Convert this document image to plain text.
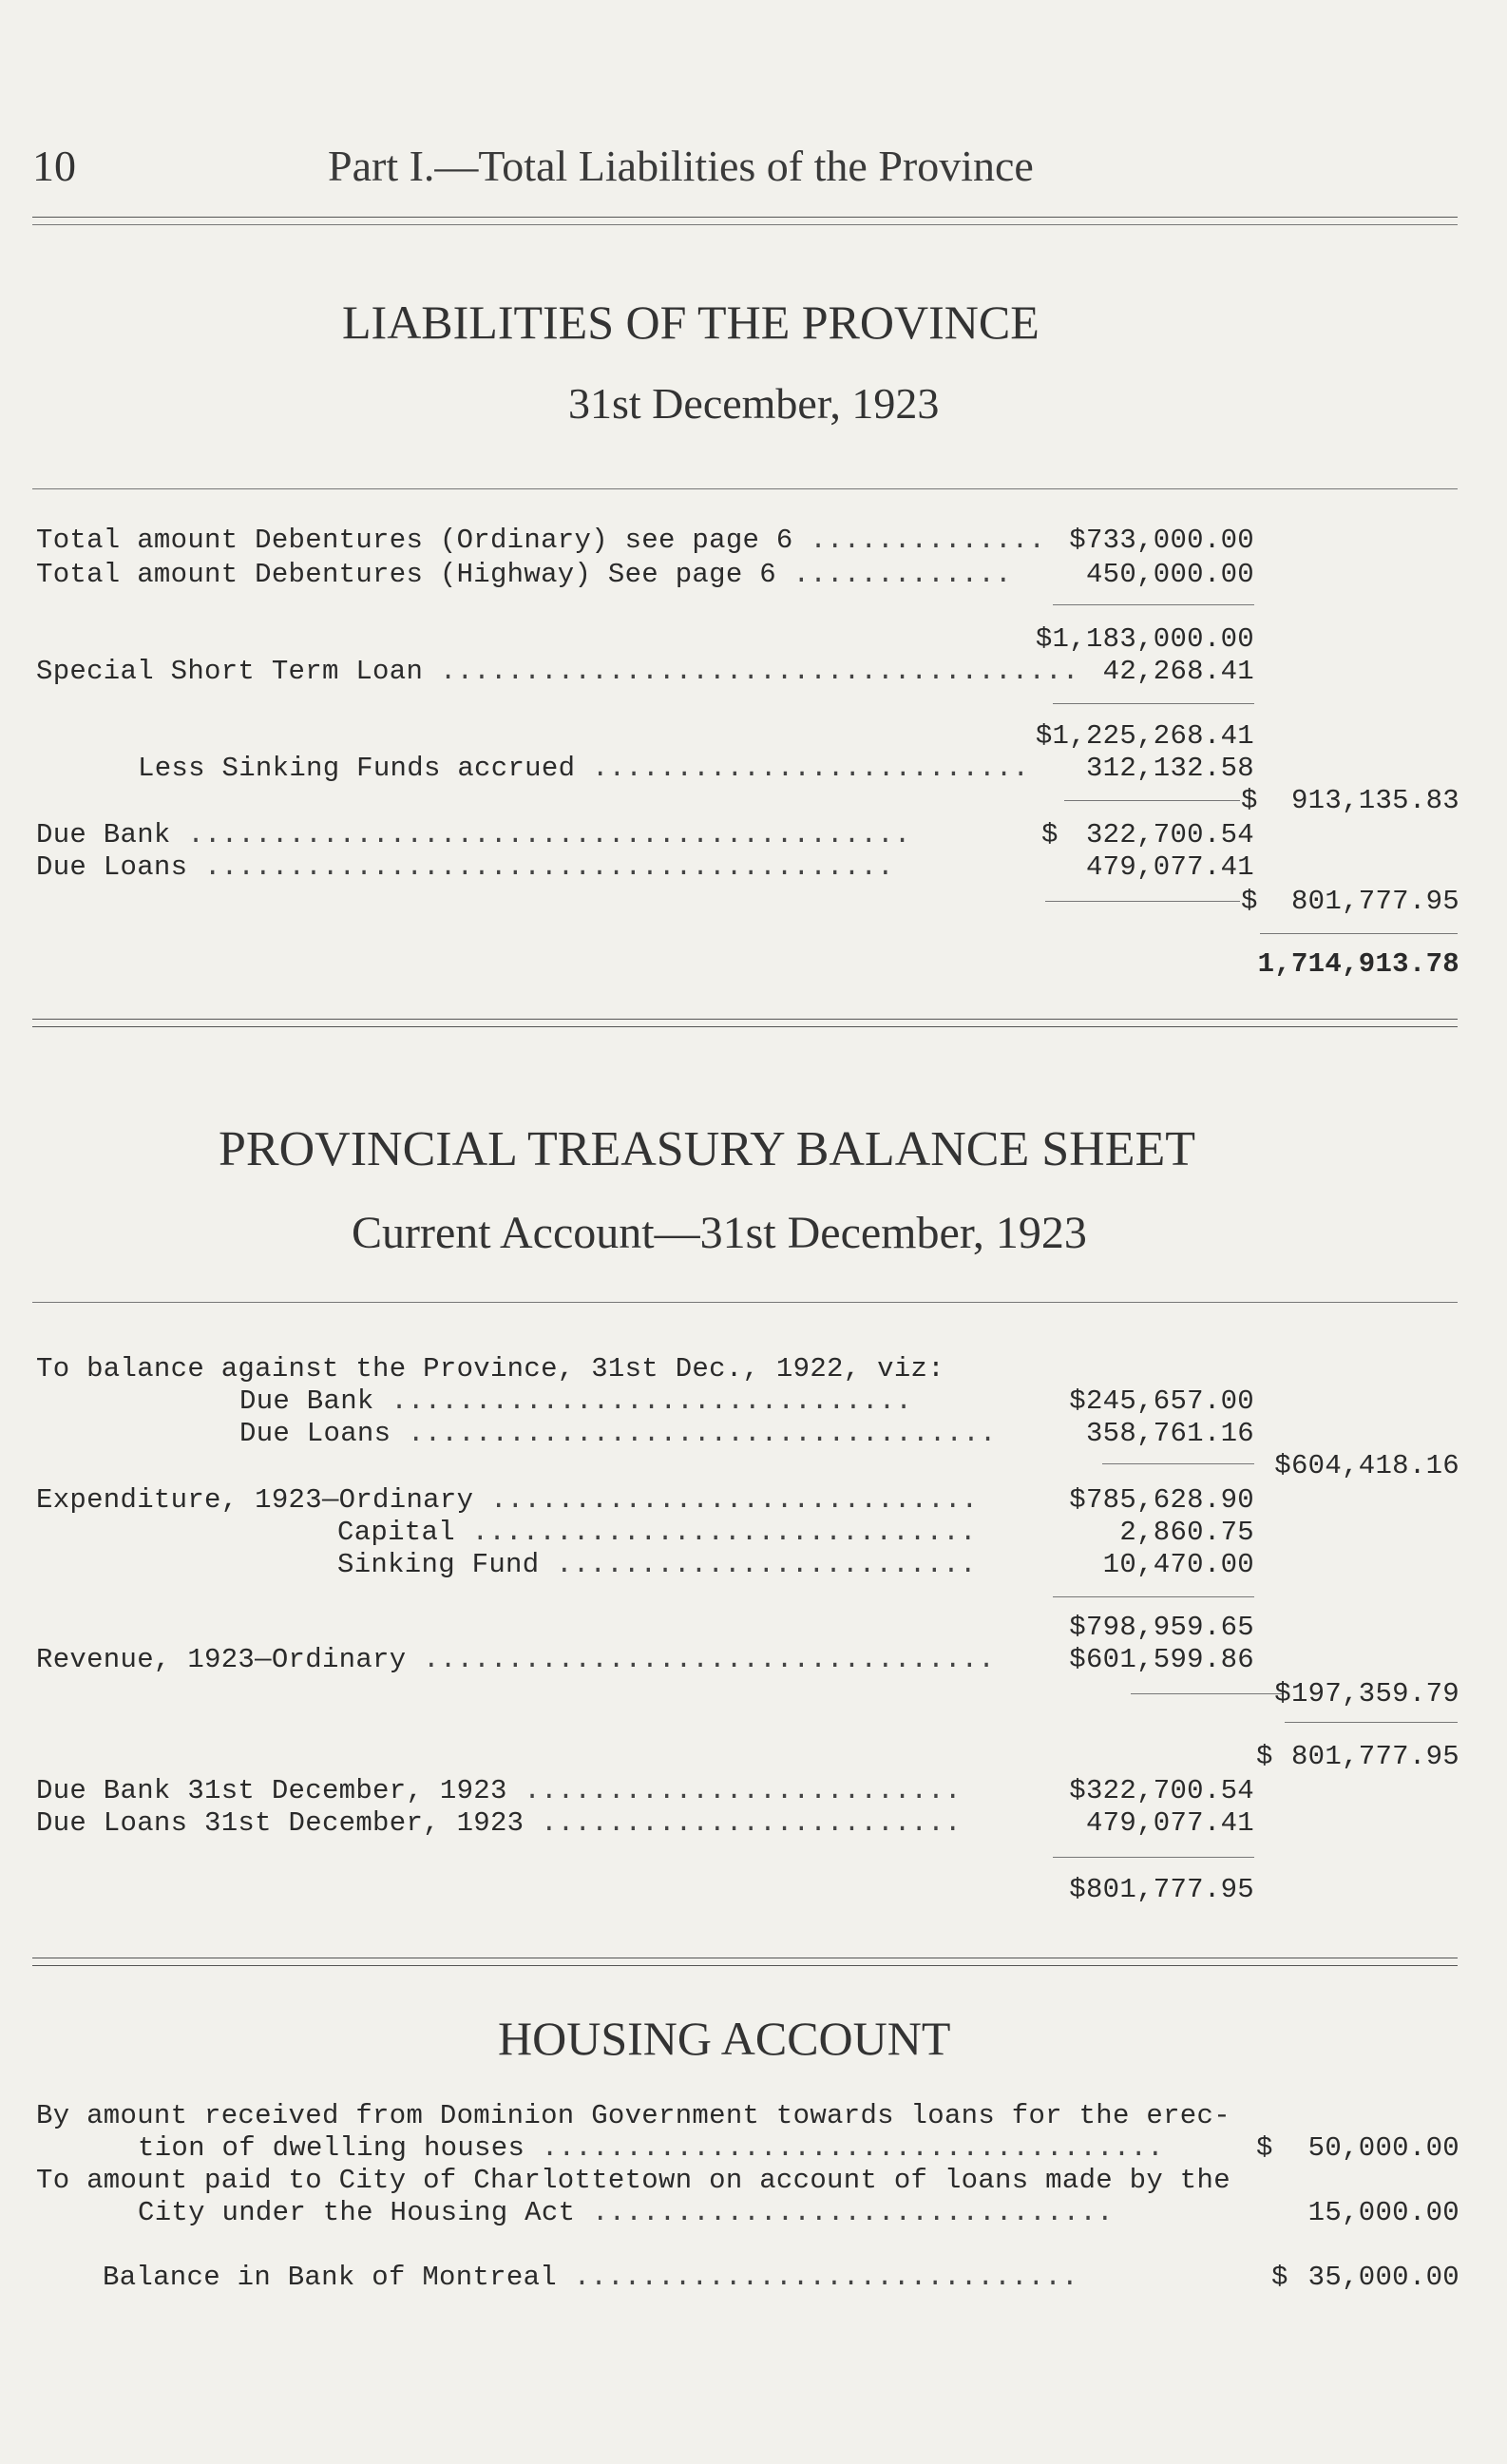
10	Part I.—Total Liabilities of the Province
LIABILITIES OF THE PROVINCE
31st December, 1923
Total amount Debentures (Ordinary) see page 6 .............. $733,000.00
Total amount Debentures (Highway) See page 6 .............	450,000.00
$1,183,000.00
Special Short Term Loan ...................................... 42,268.41
$1,225,268.41
Less Sinking Funds accrued .......................... 312,132.58
$ 913,135.83
Due Bank ...........................................	$ 322,700.54
Due Loans .........................................	479,077.41
$ 801,777.95
1,714,913.78
PROVINCIAL TREASURY BALANCE SHEET
Current Account—31st December, 1923
To balance against the Province, 31st Dec., 1922, viz:
Due Bank ...............................	$245,657.00
Due Loans ...................................	358,761.16
$604,418.16
Expenditure, 1923—Ordinary .............................	$785,628.90
Capital ..............................	2,860.75
Sinking Fund .........................	10,470.00
$798,959.65
Revenue, 1923—Ordinary ..................................	$601,599.86
$197,359.79
$ 801,777.95
Due Bank 31st December, 1923 ..........................	$322,700.54
Due Loans 31st December, 1923 .........................	479,077.41
$801,777.95
HOUSING ACCOUNT
By amount received from Dominion Government towards loans for the erec-
tion of dwelling houses .....................................	$ 50,000.00
To amount paid to City of Charlottetown on account of loans made by the
City under the Housing Act ...............................	15,000.00
Balance in Bank of Montreal ..............................	$ 35,000.00
